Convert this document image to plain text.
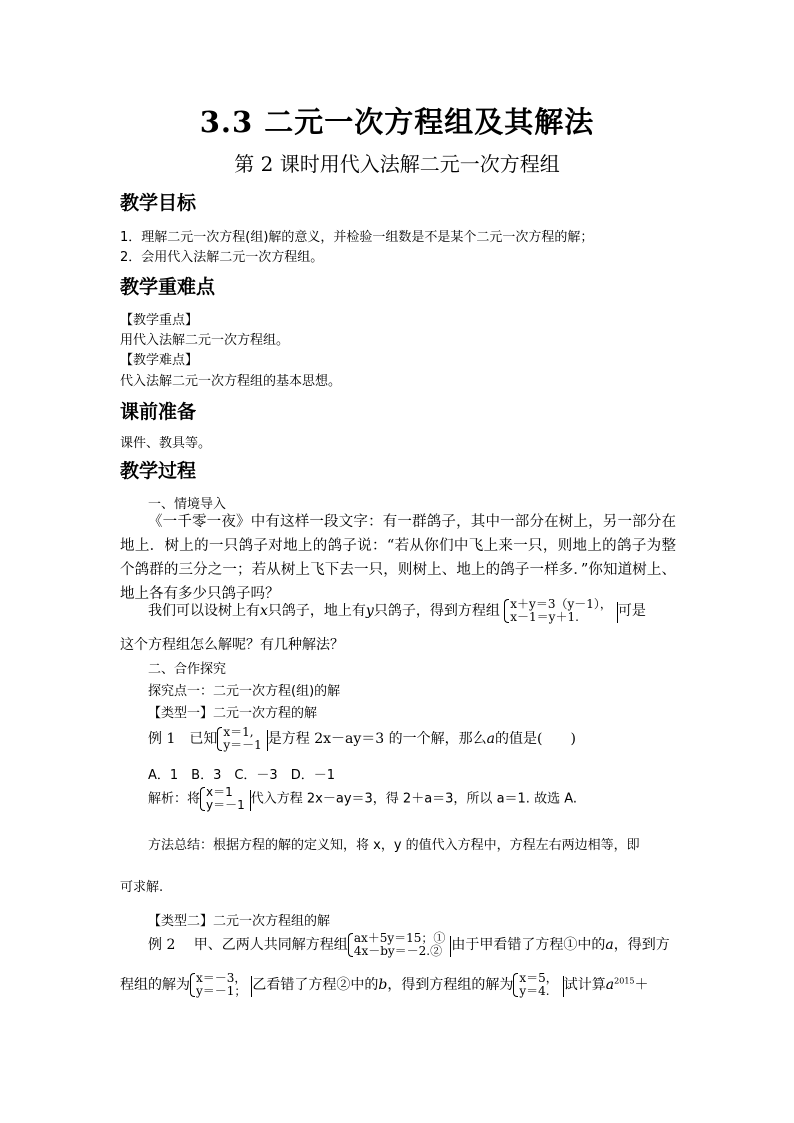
3.3 二元一次方程组及其解法
第 2 课时用代入法解二元一次方程组
教学目标
1．理解二元一次方程(组)解的意义，并检验一组数是不是某个二元一次方程的解；
2．会用代入法解二元一次方程组。
教学重难点
【教学重点】
用代入法解二元一次方程组。
【教学难点】
代入法解二元一次方程组的基本思想。
课前准备
课件、教具等。
教学过程
一、情境导入
《一千零一夜》中有这样一段文字：有一群鸽子，其中一部分在树上，另一部分在地上．树上的一只鸽子对地上的鸽子说：“若从你们中飞上来一只，则地上的鸽子为整个鸽群的三分之一；若从树上飞下去一只，则树上、地上的鸽子一样多．”你知道树上、地上各有多少只鸽子吗？
我们可以设树上有x只鸽子，地上有y只鸽子，得到方程组 x＋y＝3（y－1），
x－1＝y＋1.	可是
这个方程组怎么解呢？有几种解法？
二、合作探究
探究点一：二元一次方程(组)的解
【类型一】二元一次方程的解
例 1　已知 x＝1,
y＝－1 是方程 2x－ay＝3 的一个解，那么a的值是(　　)
A．1　B．3　C．－3　D．－1
解析：将 x＝1
y＝－1 代入方程 2x－ay＝3，得 2＋a＝3，所以 a＝1. 故选 A.
方法总结：根据方程的解的定义知，将 x，y 的值代入方程中，方程左右两边相等，即
可求解.
【类型二】二元一次方程组的解
例 2　 甲、乙两人共同解方程组 ax＋5y＝15；①
4x－by＝－2.② 由于甲看错了方程①中的a，得到方
程组的解为 x＝－3，
y＝－1； 乙看错了方程②中的b，得到方程组的解为 x＝5，
y＝4.	试计算$a^{2015}+$
